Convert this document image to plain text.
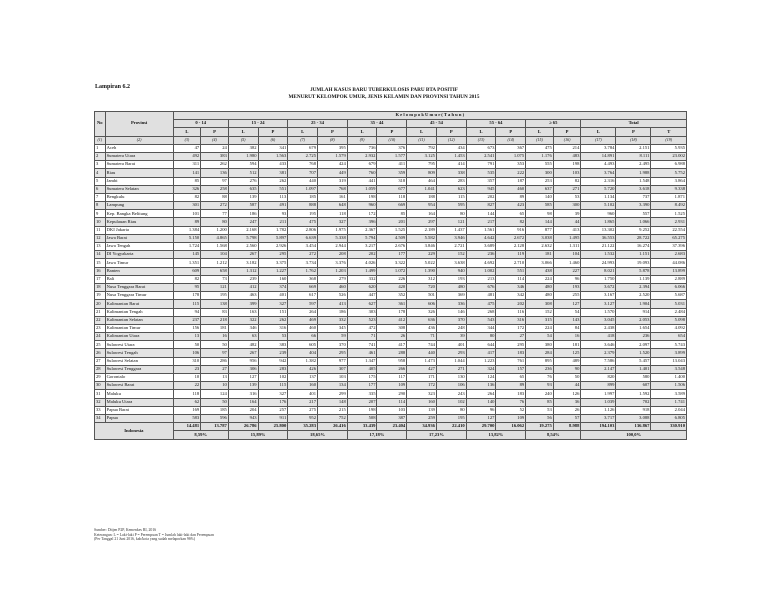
Lampiran 6.2	JUMLAH KASUS BARU TUBERKULOSIS PARU BTA POSITIF
MENURUT KELOMPOK UMUR, JENIS KELAMIN DAN PROVINSI TAHUN 2015
No	Provinsi	K e l o m p o k U m u r ( T a h u n )																
		0 - 14		15 - 24		25 - 34		35 - 44		45 - 54		55 - 64		≥ 65		Total		
		L	P	L	P	L	P	L	P	L	P	L	P	L	P	L	P	T
(1)	(2)	(3)	(4)	(5)	(6)	(7)	(8)	(9)	(10)	(11)	(12)	(13)	(14)	(15)	(16)	(17)	(18)	(19)
1	Aceh	47	24	382	341	679	395	736	376	792	434	673	367	475	214	3.784	2.151	5.935
2	Sumatera Utara	492	383	1.980	1.563	2.725	1.579	2.932	1.577	3.125	1.453	2.541	1.075	1.176	483	14.891	8.111	23.002
3	Sumatera Barat	311	262	594	433	768	424	679	411	795	414	791	353	555	198	4.493	2.495	6.988
4	Riau	141	136	512	381	707	449	760	359	809	338	535	222	300	103	3.764	1.988	5.752
5	Jambi	85	97	276	262	440	319	441	318	464	283	357	187	253	82	2.316	1.548	3.864
6	Sumatera Selatan	326	258	635	551	1.097	768	1.059	677	1.041	623	945	460	637	271	5.720	3.618	9.338
7	Bengkulu	82	88	139	113	185	161	198	118	188	115	202	89	140	53	1.134	737	1.871
8	Lampung	301	272	587	491	888	648	960	669	954	595	827	423	585	300	5.102	3.390	8.492
9	Kep. Bangka Belitung	101	77	186	93	195	118	172	85	164	80	144	65	98	39	960	557	1.525
10	Kepulauan Riau	89	80	247	211	475	327	396	201	297	121	217	82	144	44	1.865	1.066	2.931
11	DKI Jakarta	1.384	1.200	2.168	1.782	2.806	1.975	2.367	1.525	2.189	1.437	1.561	916	877	413	13.302	9.252	22.554
12	Jawa Barat	5.150	4.865	5.798	5.897	6.639	5.338	5.794	4.509	5.582	3.946	4.642	2.672	3.038	1.495	36.553	28.722	65.275
13	Jawa Tengah	1.724	1.568	2.560	2.926	3.454	2.944	3.217	2.676	3.846	2.721	3.689	2.128	2.632	1.311	21.122	16.274	37.396
14	DI Yogyakarta	145	104	267	295	272	208	202	177	229	152	236	119	181	104	1.532	1.151	2.683
15	Jawa Timur	1.351	1.212	3.182	3.375	3.734	3.376	4.026	3.322	5.022	3.638	4.692	2.710	3.066	1.460	24.993	19.093	44.086
16	Banten	609	658	1.312	1.227	1.762	1.203	1.499	1.072	1.390	940	1.002	551	438	227	8.021	5.878	13.899
17	Bali	82	73	239	160	368	279	332	226	312	193	213	114	224	96	1.750	1.139	2.889
18	Nusa Tenggara Barat	95	121	412	374	669	460	620	420	720	480	676	346	480	193	3.672	2.394	6.066
19	Nusa Tenggara Timur	178	195	463	401	617	526	447	352	501	369	481	342	480	255	3.167	2.520	5.687
20	Kalimantan Barat	115	138	399	327	597	413	627	361	606	336	475	202	308	127	3.127	1.904	5.031
21	Kalimantan Tengah	94	83	163	151	264	186	303	178	326	146	268	116	152	54	1.570	914	2.484
22	Kalimantan Selatan	237	218	322	262	469	332	523	412	636	370	543	316	315	143	3.045	2.053	5.098
23	Kalimantan Timur	156	181	346	316	460	345	472	308	436	248	344	172	224	84	2.438	1.654	4.092
24	Kalimantan Utara	13	16	63	53	66	59	71	26	71	39	80	27	54	16	418	236	654
25	Sulawesi Utara	50	50	482	383	605	370	741	417	744	401	644	295	380	181	3.646	2.097	5.743
26	Sulawesi Tengah	106	97	267	239	404	295	461	288	440	293	417	183	284	125	2.379	1.520	3.899
27	Sulawesi Selatan	310	286	956	942	1.382	977	1.347	958	1.473	1.044	1.223	761	895	489	7.586	5.457	13.043
28	Sulawesi Tenggara	23	27	306	283	426	307	405	266	427	271	324	157	236	90	2.147	1.401	3.548
29	Gorontalo	10	13	127	102	137	103	175	117	171	130	124	65	76	50	820	580	1.400
30	Sulawesi Barat	22	10	139	115	160	134	177	109	172	106	136	89	93	44	899	607	1.506
31	Maluku	118	124	316	327	401	299	335	290	323	243	264	183	240	126	1.997	1.592	3.589
32	Maluku Utara	62	50	164	176	217	148	207	114	160	102	140	76	85	36	1.039	702	1.741
33	Papua Barat	169	185	204	257	275	215	198	103	139	80	96	52	53	26	1.126	918	2.044
34	Papua	583	596	943	911	952	752	508	387	259	195	127	109	56	57	3.717	3.088	6.805
Indonesia		14.481	13.787	26.786	25.800	35.283	26.416	33.439	23.404	34.936	22.410	29.700	16.062	19.275	8.988	194.103	136.867	330.910
		8,59%		15,89%		18,65%		17,18%		17,23%		13,82%		8,54%		100,0%		
Sumber: Ditjen P2P, Kemenkes RI, 2016
Keterangan: L = Laki-laki P = Perempuan T = Jumlah laki-laki dan Perempuan
(Per Tanggal 21 Juni 2016, kab/kota yang sudah melaporkan 96%)
